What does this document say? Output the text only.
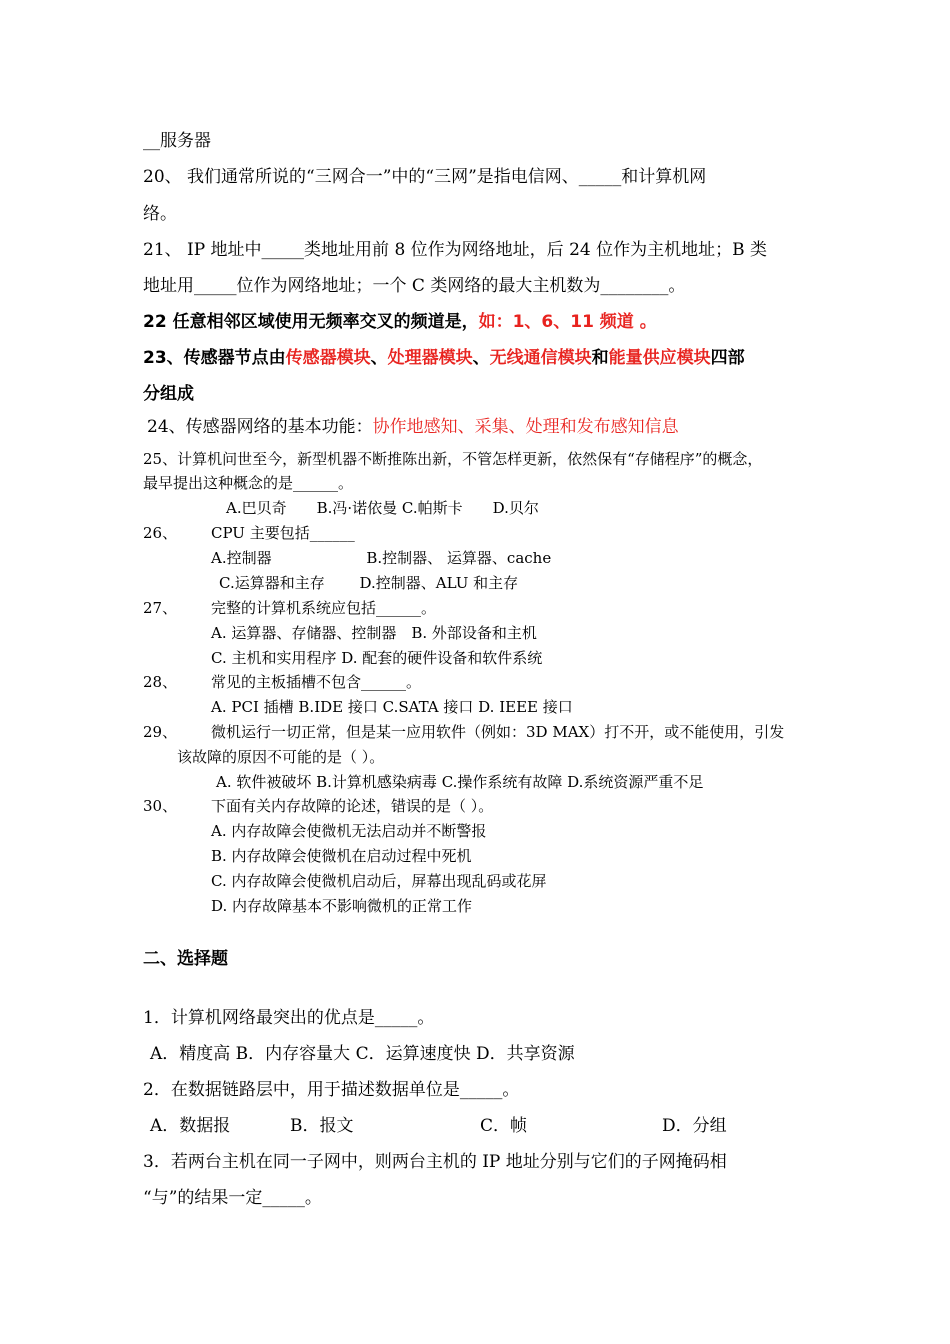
__服务器
20、 我们通常所说的“三网合一”中的“三网”是指电信网、_____和计算机网
络。
21、 IP 地址中_____类地址用前 8 位作为网络地址，后 24 位作为主机地址；B 类
地址用_____位作为网络地址；一个 C 类网络的最大主机数为________。
22 任意相邻区域使用无频率交叉的频道是，如：1、6、11 频道 。
23、传感器节点由传感器模块、处理器模块、无线通信模块和能量供应模块四部
分组成
24、传感器网络的基本功能：协作地感知、采集、处理和发布感知信息
25、计算机问世至今，新型机器不断推陈出新，不管怎样更新，依然保有“存储程序”的概念，
最早提出这种概念的是______。
A.巴贝奇　　B.冯·诺依曼 C.帕斯卡　　D.贝尔
26、 CPU 主要包括______
A.控制器　　　　　　 B.控制器、 运算器、cache
C.运算器和主存　　 D.控制器、ALU 和主存
27、 完整的计算机系统应包括______。
A. 运算器、存储器、控制器　B. 外部设备和主机
C. 主机和实用程序 D. 配套的硬件设备和软件系统
28、 常见的主板插槽不包含______。
A. PCI 插槽 B.IDE 接口 C.SATA 接口 D. IEEE 接口
29、 微机运行一切正常，但是某一应用软件（例如：3D MAX）打不开，或不能使用，引发
该故障的原因不可能的是（ ）。
A. 软件被破坏 B.计算机感染病毒 C.操作系统有故障 D.系统资源严重不足
30、 下面有关内存故障的论述，错误的是（ ）。
A. 内存故障会使微机无法启动并不断警报
B. 内存故障会使微机在启动过程中死机
C. 内存故障会使微机启动后，屏幕出现乱码或花屏
D. 内存故障基本不影响微机的正常工作
二、选择题
1．计算机网络最突出的优点是_____。
A．精度高 B．内存容量大 C．运算速度快 D．共享资源
2．在数据链路层中，用于描述数据单位是_____。
A．数据报	B．报文	C．帧	D．分组
3．若两台主机在同一子网中，则两台主机的 IP 地址分别与它们的子网掩码相
“与”的结果一定_____。
